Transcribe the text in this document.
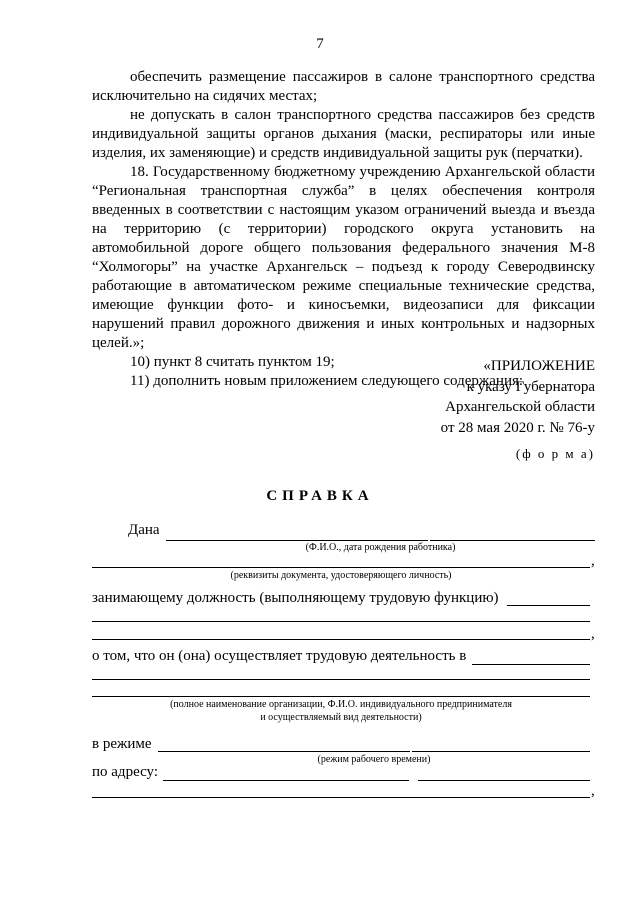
7

обеспечить размещение пассажиров в салоне транспортного средства исключительно на сидячих местах;

не допускать в салон транспортного средства пассажиров без средств индивидуальной защиты органов дыхания (маски, респираторы или иные изделия, их заменяющие) и средств индивидуальной защиты рук (перчатки).

18. Государственному бюджетному учреждению Архангельской области “Региональная транспортная служба” в целях обеспечения контроля введенных в соответствии с настоящим указом ограничений выезда и въезда на территорию (с территории) городского округа установить на автомобильной дороге общего пользования федерального значения М-8 “Холмогоры” на участке Архангельск – подъезд к городу Северодвинску работающие в автоматическом режиме специальные технические средства, имеющие функции фото- и киносъемки, видеозаписи для фиксации нарушений правил дорожного движения и иных контрольных и надзорных целей.»;

10) пункт 8 считать пунктом 19;

11) дополнить новым приложением следующего содержания:

«ПРИЛОЖЕНИЕ
к указу Губернатора
Архангельской области
от 28 мая 2020 г. № 76-у
(ф о р м а)
СПРАВКА
Дана
(Ф.И.О., дата рождения работника)
,
(реквизиты документа, удостоверяющего личность)
занимающему должность (выполняющему трудовую функцию)
,
о том, что он (она) осуществляет трудовую деятельность в
(полное наименование организации, Ф.И.О. индивидуального предпринимателя
и осуществляемый вид деятельности)
в режиме
(режим рабочего времени)
по адресу:
,
